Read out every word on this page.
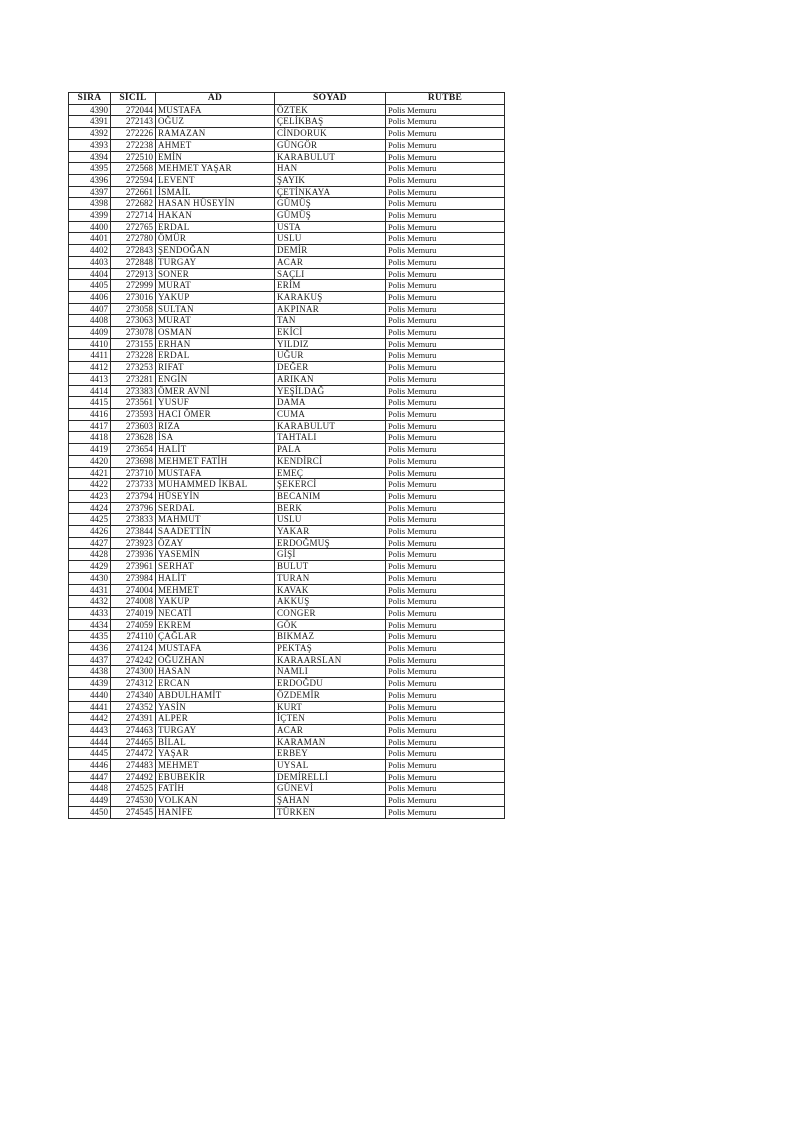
SIRA	SİCİL	AD	SOYAD	RÜTBE
4390	272044	MUSTAFA	ÖZTEK	Polis Memuru
4391	272143	OĞUZ	ÇELİKBAŞ	Polis Memuru
4392	272226	RAMAZAN	CİNDORUK	Polis Memuru
4393	272238	AHMET	GÜNGÖR	Polis Memuru
4394	272510	EMİN	KARABULUT	Polis Memuru
4395	272568	MEHMET YAŞAR	HAN	Polis Memuru
4396	272594	LEVENT	ŞAYIK	Polis Memuru
4397	272661	İSMAİL	ÇETİNKAYA	Polis Memuru
4398	272682	HASAN HÜSEYİN	GÜMÜŞ	Polis Memuru
4399	272714	HAKAN	GÜMÜŞ	Polis Memuru
4400	272765	ERDAL	USTA	Polis Memuru
4401	272780	ÖMÜR	USLU	Polis Memuru
4402	272843	ŞENDOĞAN	DEMİR	Polis Memuru
4403	272848	TURGAY	ACAR	Polis Memuru
4404	272913	SONER	SAÇLI	Polis Memuru
4405	272999	MURAT	ERİM	Polis Memuru
4406	273016	YAKUP	KARAKUŞ	Polis Memuru
4407	273058	SULTAN	AKPINAR	Polis Memuru
4408	273063	MURAT	TAN	Polis Memuru
4409	273078	OSMAN	EKİCİ	Polis Memuru
4410	273155	ERHAN	YILDIZ	Polis Memuru
4411	273228	ERDAL	UĞUR	Polis Memuru
4412	273253	RIFAT	DEĞER	Polis Memuru
4413	273281	ENGİN	ARIKAN	Polis Memuru
4414	273383	ÖMER AVNİ	YEŞİLDAĞ	Polis Memuru
4415	273561	YUSUF	DAMA	Polis Memuru
4416	273593	HACI ÖMER	CUMA	Polis Memuru
4417	273603	RIZA	KARABULUT	Polis Memuru
4418	273628	İSA	TAHTALI	Polis Memuru
4419	273654	HALİT	PALA	Polis Memuru
4420	273698	MEHMET FATİH	KENDİRCİ	Polis Memuru
4421	273710	MUSTAFA	EMEÇ	Polis Memuru
4422	273733	MUHAMMED İKBAL	ŞEKERCİ	Polis Memuru
4423	273794	HÜSEYİN	BECANIM	Polis Memuru
4424	273796	SERDAL	BERK	Polis Memuru
4425	273833	MAHMUT	USLU	Polis Memuru
4426	273844	SAADETTİN	YAKAR	Polis Memuru
4427	273923	ÖZAY	ERDOĞMUŞ	Polis Memuru
4428	273936	YASEMİN	GİŞİ	Polis Memuru
4429	273961	SERHAT	BULUT	Polis Memuru
4430	273984	HALİT	TURAN	Polis Memuru
4431	274004	MEHMET	KAVAK	Polis Memuru
4432	274008	YAKUP	AKKUŞ	Polis Memuru
4433	274019	NECATİ	CONGER	Polis Memuru
4434	274059	EKREM	GÖK	Polis Memuru
4435	274110	ÇAĞLAR	BIKMAZ	Polis Memuru
4436	274124	MUSTAFA	PEKTAŞ	Polis Memuru
4437	274242	OĞUZHAN	KARAARSLAN	Polis Memuru
4438	274300	HASAN	NAMLI	Polis Memuru
4439	274312	ERCAN	ERDOĞDU	Polis Memuru
4440	274340	ABDULHAMİT	ÖZDEMİR	Polis Memuru
4441	274352	YASİN	KURT	Polis Memuru
4442	274391	ALPER	İÇTEN	Polis Memuru
4443	274463	TURGAY	ACAR	Polis Memuru
4444	274465	BİLAL	KARAMAN	Polis Memuru
4445	274472	YAŞAR	ERBEY	Polis Memuru
4446	274483	MEHMET	UYSAL	Polis Memuru
4447	274492	EBUBEKİR	DEMİRELLİ	Polis Memuru
4448	274525	FATİH	GÜNEVİ	Polis Memuru
4449	274530	VOLKAN	ŞAHAN	Polis Memuru
4450	274545	HANİFE	TÜRKEN	Polis Memuru
